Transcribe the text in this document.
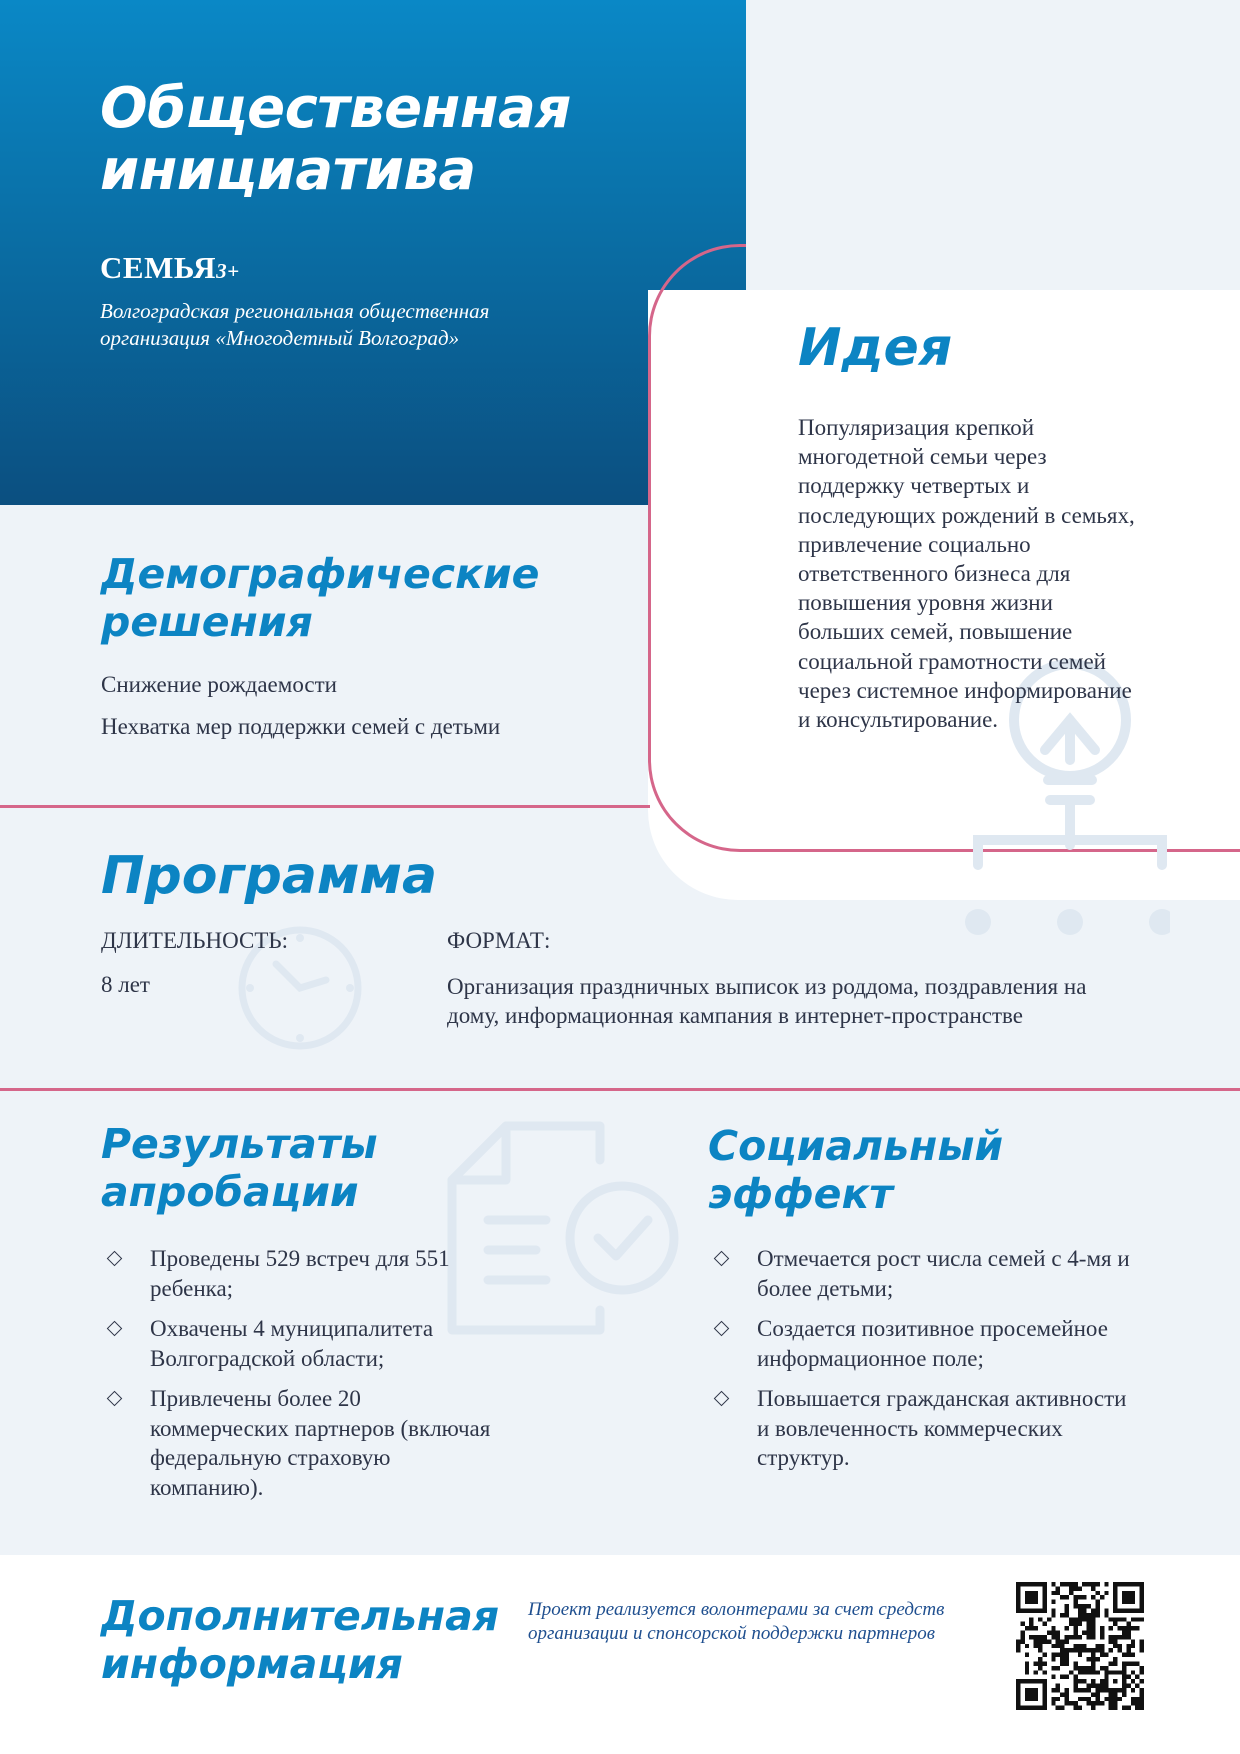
Общественная
инициатива
СЕМЬЯ3+
Волгоградская региональная общественная
организация «Многодетный Волгоград»	Идея
Популяризация крепкой
многодетной семьи через
поддержку четвертых и
последующих рождений в семьях,
привлечение социально
ответственного бизнеса для
повышения уровня жизни
больших семей, повышение
социальной грамотности семей
через системное информирование
и консультирование.
Демографические
решения
Снижение рождаемости
Нехватка мер поддержки семей с детьми
Программа
ДЛИТЕЛЬНОСТЬ:
8 лет
ФОРМАТ:
Организация праздничных выписок из роддома, поздравления на
дому, информационная кампания в интернет-пространстве
Результаты
апробации
Проведены 529 встреч для 551 ребенка;
Охвачены 4 муниципалитета Волгоградской области;
Привлечены более 20 коммерческих партнеров (включая федеральную страховую компанию).
Социальный
эффект
Отмечается рост числа семей с 4-мя и более детьми;
Создается позитивное просемейное информационное поле;
Повышается гражданская активности и вовлеченность коммерческих структур.
Дополнительная
информация
Проект реализуется волонтерами за счет средств организации и спонсорской поддержки партнеров
